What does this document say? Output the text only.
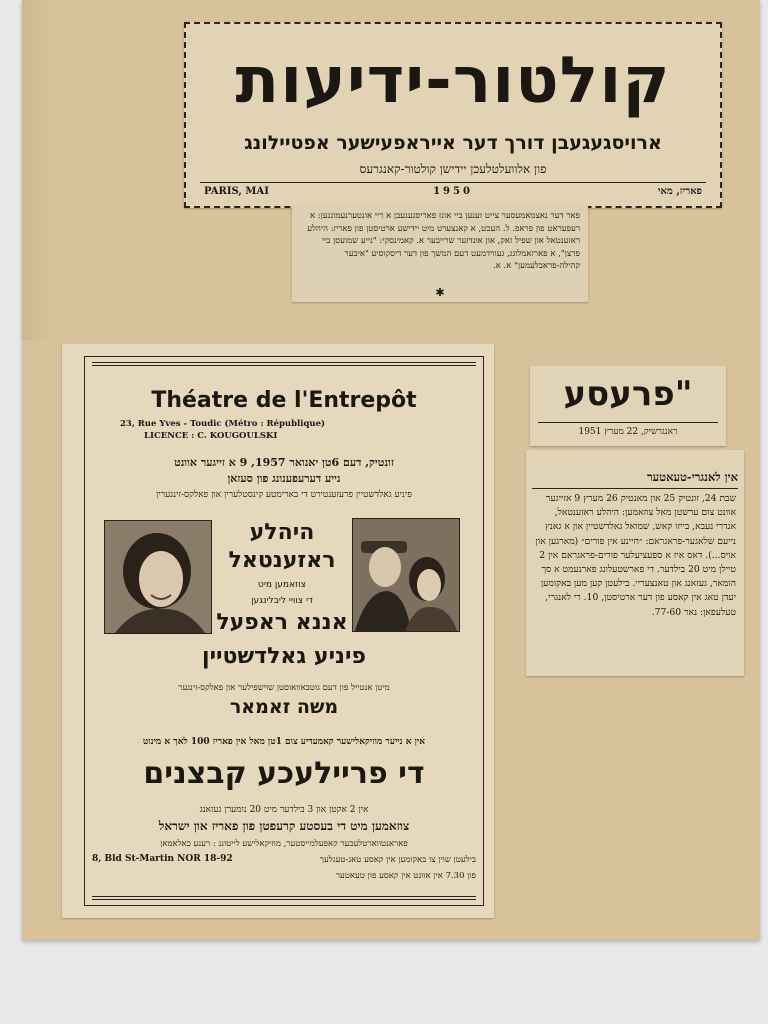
קולטור-ידיעות
ארויסגעגעבן דורך דער אייראפעישער אפטיילונג
פון אלוועלטלעכן יידישן קולטור-קאנגרעס
PARIS, MAI	1950	פאריז, מאי

פאר דער נאצמאמעסער צייט זענען ביי אונז פאריסגעגעבן א ריי אונטערנעמונגען: א רעפעראט פון פראפ. ל. העכט, א קאנצערט מיט יידישע ארטיסטן פון פאריז: היהלע ראזענטאל און שפיל זאק, און אונדזער שרייבער א. קאמינסקי: "נייע שמועסן ביי פרצן", א פארזאמלונג, געווידמעט דעם המשך פון דער דיסקוסיע "איבער קהילה-פראבלעמען" א. א.

✱
Théatre de l'Entrepôt
23, Rue Yves - Toudic (Métro : République)
LICENCE : C. KOUGOULSKI
זונטיק, דעם 6טן יאנואר 1957, 9 א זייגער אוונט
נייע דערעפענונג פון סעזאן
פיניע גאלדשטיין פרעזענטירט די בארימטע קינסטלערין און פאלקס-זינגערין
היהלע
ראזענטאל
צוזאמען מיט
די צוויי ליבלינגען
אננא ראפעל
פיניע גאלדשטיין
מיטן אנטייל פון דעם גוטבאוואוסטן שוישפילער און פאלקס-זינגער
משה זאמאר
אין א נייער מוזיקאלישער קאמעדיע צום 1טן מאל אין פאריז 100 לאך א מינוט
די פריילעכע קבצנים
אין 2 אקטן און 3 בילדער מיט 20 נומערן געזאנג
צוזאמען מיט די בעסטע קרעפטן פון פאריז און ישראל
פאראנטווארטלעכער קאפעלמייסטער, מוזיקאלישע לייטונג : רענע כאלאמאן
8, Bld St-Martin NOR 18-92	בילעטן שוין צו באקומען אין קאסע טאג-טעגלעך
פון 7.30 אין אוונט אין קאסע פון טעאטער
"פרעסע
ראנגרשיק, 22 מערץ 1951
אין לאנגרי-טעאטער

שבת 24, זונטיק 25 און מאנטיק 26 מערץ 9 אזייגער אוונט צום ערשטן מאל צוזאמען: היהלע ראזענטאל, אנדרי נעבא, בייזו קאש, שמואל גאלדשטיין און א גאנץ נייעם שלאגער-פראגראם: ״חיינע אין פורים״ (מארגען און אויס...). דאס איז א ספעציעלער פורים-פראגראם אין 2 טיילן מיט 20 בילדער. די פארשטעלונג פארנעמט א סך הומאר, געזאנג און טאנצעריי. בילעטן קען מען באקומען יעדן טאג אין קאסע פון דער ארטיסטן, 10. רי לאנגרי, טעלעפאן: נאר 77-60.
